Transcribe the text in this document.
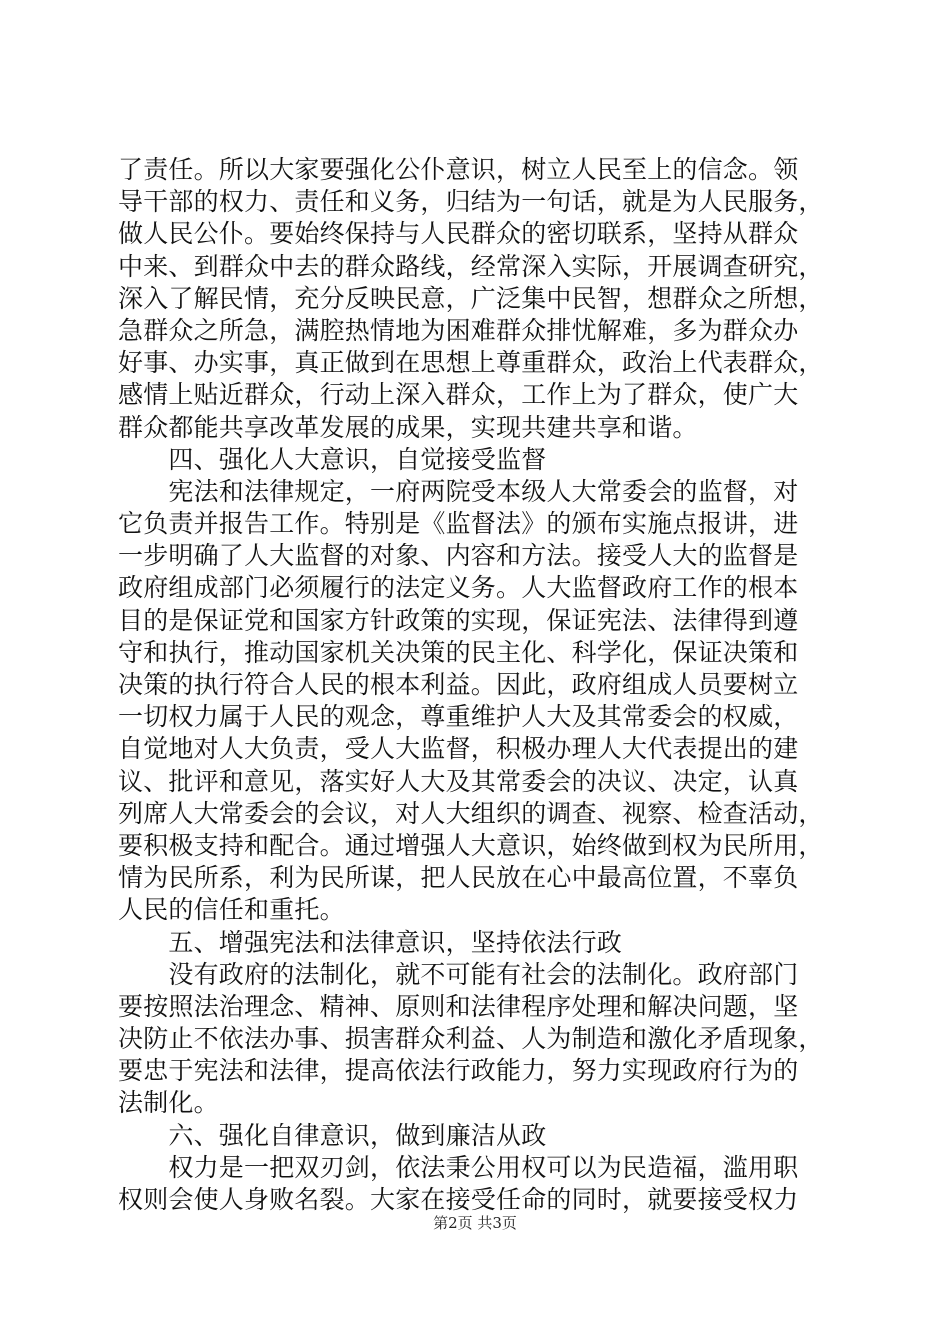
了责任。所以大家要强化公仆意识，树立人民至上的信念。领
导干部的权力、责任和义务，归结为一句话，就是为人民服务，
做人民公仆。要始终保持与人民群众的密切联系，坚持从群众
中来、到群众中去的群众路线，经常深入实际，开展调查研究，
深入了解民情，充分反映民意，广泛集中民智，想群众之所想，
急群众之所急，满腔热情地为困难群众排忧解难，多为群众办
好事、办实事，真正做到在思想上尊重群众，政治上代表群众，
感情上贴近群众，行动上深入群众，工作上为了群众，使广大
群众都能共享改革发展的成果，实现共建共享和谐。
　　四、强化人大意识，自觉接受监督
　　宪法和法律规定，一府两院受本级人大常委会的监督，对
它负责并报告工作。特别是《监督法》的颁布实施点报讲，进
一步明确了人大监督的对象、内容和方法。接受人大的监督是
政府组成部门必须履行的法定义务。人大监督政府工作的根本
目的是保证党和国家方针政策的实现，保证宪法、法律得到遵
守和执行，推动国家机关决策的民主化、科学化，保证决策和
决策的执行符合人民的根本利益。因此，政府组成人员要树立
一切权力属于人民的观念，尊重维护人大及其常委会的权威，
自觉地对人大负责，受人大监督，积极办理人大代表提出的建
议、批评和意见，落实好人大及其常委会的决议、决定，认真
列席人大常委会的会议，对人大组织的调查、视察、检查活动，
要积极支持和配合。通过增强人大意识，始终做到权为民所用，
情为民所系，利为民所谋，把人民放在心中最高位置，不辜负
人民的信任和重托。
　　五、增强宪法和法律意识，坚持依法行政
　　没有政府的法制化，就不可能有社会的法制化。政府部门
要按照法治理念、精神、原则和法律程序处理和解决问题，坚
决防止不依法办事、损害群众利益、人为制造和激化矛盾现象，
要忠于宪法和法律，提高依法行政能力，努力实现政府行为的
法制化。
　　六、强化自律意识，做到廉洁从政
　　权力是一把双刃剑，依法秉公用权可以为民造福，滥用职
权则会使人身败名裂。大家在接受任命的同时，就要接受权力
第2页 共3页
